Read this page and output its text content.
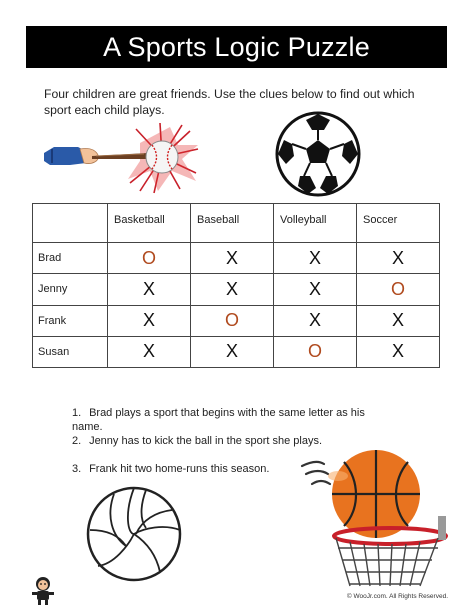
A Sports Logic Puzzle
Four children are great friends. Use the clues below to find out which sport each child plays.
	Basketball	Baseball	Volleyball	Soccer
Brad	O	X	X	X
Jenny	X	X	X	O
Frank	X	O	X	X
Susan	X	X	O	X
1. Brad plays a sport that begins with the same letter as his name.
2. Jenny has to kick the ball in the sport she plays.
3. Frank hit two home-runs this season.
© WooJr.com. All Rights Reserved.
